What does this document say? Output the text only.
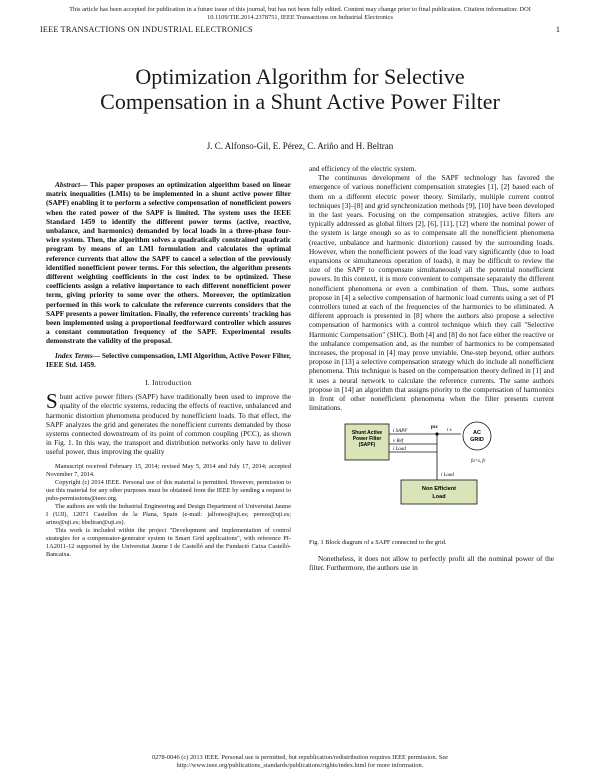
This article has been accepted for publication in a future issue of this journal, but has not been fully edited. Content may change prior to final publication. Citation information: DOI
10.1109/TIE.2014.2378751, IEEE Transactions on Industrial Electronics
IEEE TRANSACTIONS ON INDUSTRIAL ELECTRONICS	1
Optimization Algorithm for Selective
Compensation in a Shunt Active Power Filter
J. C. Alfonso-Gil, E. Pérez, C. Ariño and H. Beltran

Abstract— This paper proposes an optimization algorithm based on linear matrix inequalities (LMIs) to be implemented in a shunt active power filter (SAPF) enabling it to perform a selective compensation of nonefficient powers when the rated power of the SAPF is limited. The system uses the IEEE Standard 1459 to identify the different power terms (active, reactive, unbalance, and harmonics) demanded by local loads in a three-phase four-wire system. Then, the algorithm solves a quadratically constrained quadratic program by means of an LMI formulation and calculates the optimal reference currents that allow the SAPF to cancel a selection of the previously identified nonefficient power terms. For this selection, the algorithm presents different weighting coefficients in the cost index to be optimized. These coefficients assign a relative importance to each different nonefficient power term, giving priority to some over the others. Moreover, the optimization performed in this work to calculate the reference currents considers that the SAPF presents a power limitation. Finally, the reference currents' tracking has been implemented using a proportional feedforward controller which assures a constant commutation frequency of the SAPF. Experimental results demonstrate the validity of the proposal.

Index Terms— Selective compensation, LMI Algorithm, Active Power Filter, IEEE Std. 1459.

I. Introduction

Shunt active power filters (SAPF) have traditionally been used to improve the quality of the electric systems, reducing the effects of reactive, unbalanced and harmonic distortion phenomena produced by nonefficient loads. To that effect, the SAPF analyzes the grid and generates the nonefficient currents demanded by those systems connected downstream of its point of common coupling (PCC), as shown in Fig. 1. In this way, the transport and distribution networks only have to deliver useful power, thus improving the quality

Manuscript received February 15, 2014; revised May 5, 2014 and July 17, 2014; accepted November 7, 2014.

Copyright (c) 2014 IEEE. Personal use of this material is permitted. However, permission to use this material for any other purposes must be obtained from the IEEE by sending a request to pubs-permissions@ieee.org.

The authors are with the Industrial Engineering and Design Department of Universitat Jaume I (UJI), 12071 Castellon de la Plana, Spain (e-mail: jalfonso@uji.es; pereze@uji.es; arino@uji.es; hbeltran@uji.es).

This work is included within the project "Development and implementation of control strategies for a compensator-generator system in Smart Grid applications", with reference PI-1A2011-12 supported by the Universitat Jaume I de Castelló and the Fundació Caixa Castelló-Bancaixa.

and efficiency of the electric system.

The continuous development of the SAPF technology has favored the emergence of various nonefficient compensation strategies [1], [2] based each of them on a different electric power theory. Similarly, multiple current control techniques [3]–[8] and grid synchronization methods [9], [10] have been developed in the last years. Focusing on the compensation strategies, active filters are typically addressed as global filters [2], [6], [11], [12] where the nominal power of the system is large enough so as to compensate all the nonefficient phenomena (reactive, unbalance and harmonic distortion) caused by the surrounding loads. However, when the nonefficient powers of the load vary significantly (due to load expansions or simultaneous operation of loads), it may be difficult to review the size of the SAPF to compensate simultaneously all the potential nonefficient powers. In this context, it is more convenient to compensate separately the different nonefficient phenomena or even a combination of them. Thus, some authors propose in [4] a selective compensation of harmonic load currents using a set of PI controllers tuned at each of the frequencies of the harmonics to be eliminated. A different approach is presented in [8] where the authors also propose a selective compensation of harmonics with a control technique which they call "Selective Harmonic Compensation" (SHC). Both [4] and [8] do not face either the reactive or the unbalance compensation and, as the number of harmonics to be compensated increases, the proposal in [4] may prove unviable. One-step beyond, other authors propose in [13] a selective compensation strategy which do include all nonefficient phenomena. This technique is based on the compensation theory defined in [1] and it uses a neural network to calculate the reference currents. The same authors propose in [14] an algorithm that assigns priority to the compensation of harmonics in front of other nonefficient phenomena when the filter presents current limitations.

Shunt Active Power Filter (SAPF)
i SAPF
v Ref
i Load
pcc
i s	AC
GRID
fa=s, fc
i Load
Non Efficient Load

Fig. 1 Block diagram of a SAPF connected to the grid.

Nonetheless, it does not allow to perfectly profit all the nominal power of the filter. Furthermore, the authors use in

0278-0046 (c) 2013 IEEE. Personal use is permitted, but republication/redistribution requires IEEE permission. See
http://www.ieee.org/publications_standards/publications/rights/index.html for more information.
